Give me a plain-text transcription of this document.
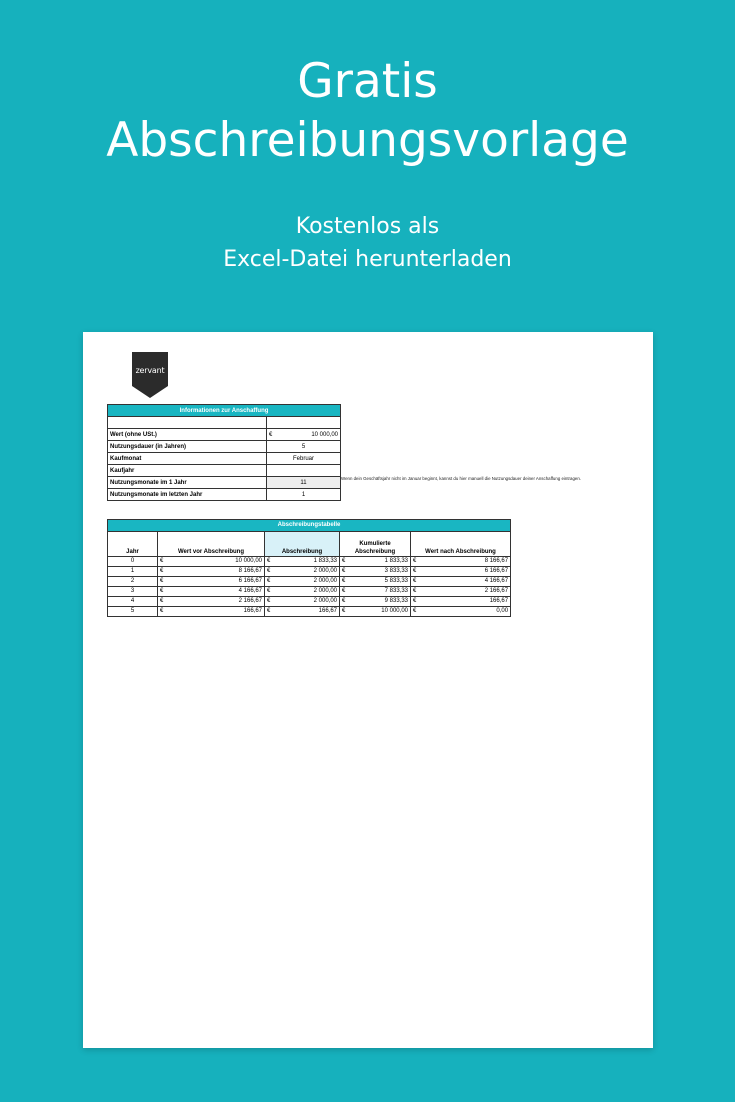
Gratis
Abschreibungsvorlage
Kostenlos als
Excel-Datei herunterladen
zervant
Informationen zur Anschaffung		

Wert (ohne USt.)	€	10 000,00
Nutzungsdauer (in Jahren)	5	
Kaufmonat	Februar	
Kaufjahr		
Nutzungsmonate im 1 Jahr	11	
Nutzungsmonate im letzten Jahr	1	
Wenn dein Geschäftsjahr nicht im Januar beginnt, kannst du hier manuell die Nutzungsdauer deiner Anschaffung eintragen.
Abschreibungstabelle								
Jahr	Wert vor Abschreibung		Abschreibung		Kumulierte Abschreibung		Wert nach Abschreibung	
0	€	10 000,00	€	1 833,33	€	1 833,33	€	8 166,67
1	€	8 166,67	€	2 000,00	€	3 833,33	€	6 166,67
2	€	6 166,67	€	2 000,00	€	5 833,33	€	4 166,67
3	€	4 166,67	€	2 000,00	€	7 833,33	€	2 166,67
4	€	2 166,67	€	2 000,00	€	9 833,33	€	166,67
5	€	166,67	€	166,67	€	10 000,00	€	0,00
